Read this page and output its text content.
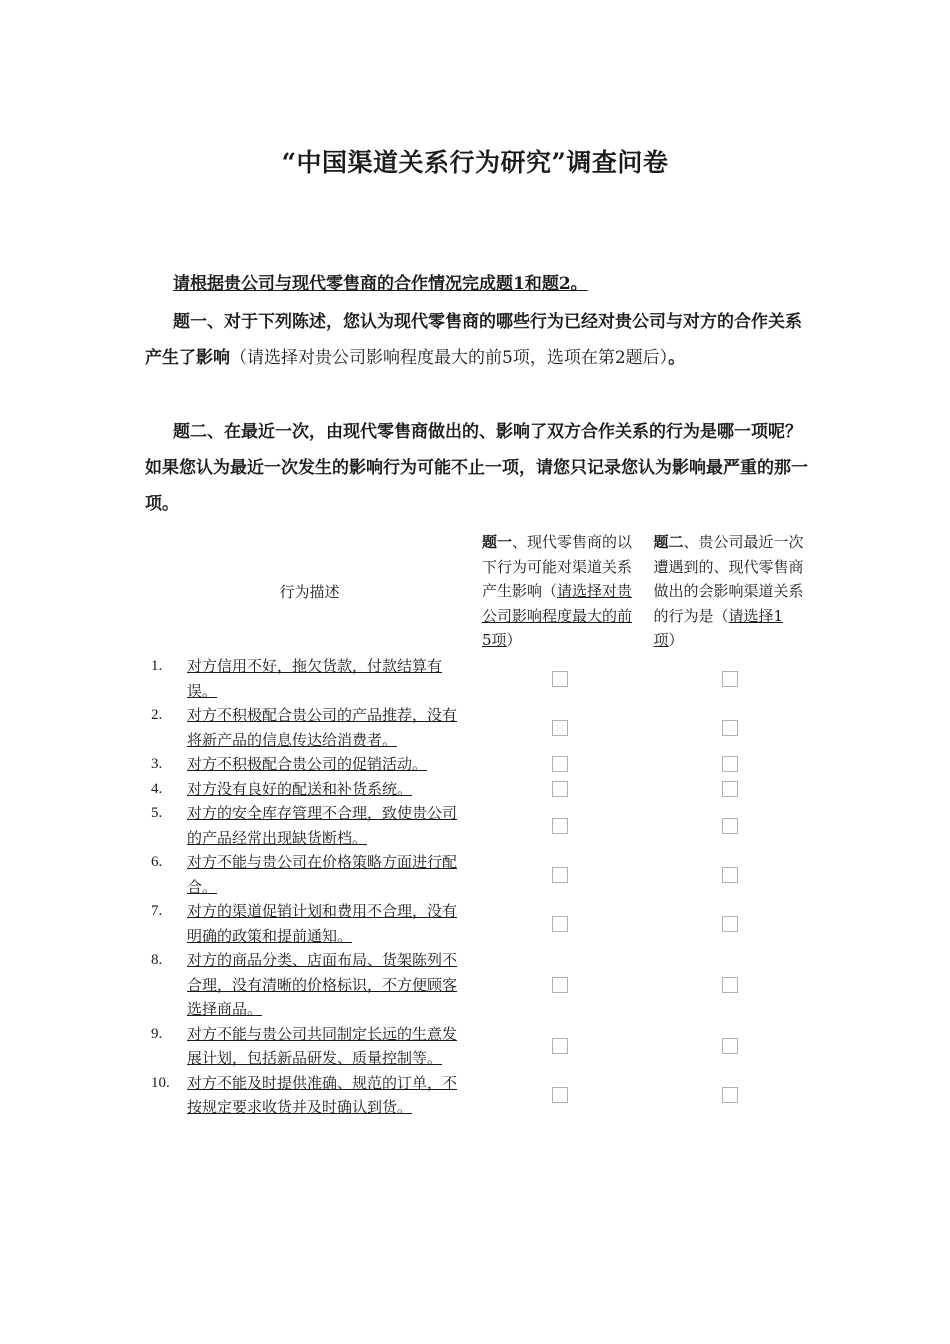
“中国渠道关系行为研究”调查问卷
请根据贵公司与现代零售商的合作情况完成题1和题2。
题一、对于下列陈述，您认为现代零售商的哪些行为已经对贵公司与对方的合作关系产生了影响（请选择对贵公司影响程度最大的前5项，选项在第2题后）。
题二、在最近一次，由现代零售商做出的、影响了双方合作关系的行为是哪一项呢？如果您认为最近一次发生的影响行为可能不止一项，请您只记录您认为影响最严重的那一项。
行为描述
题一、现代零售商的以下行为可能对渠道关系产生影响（请选择对贵公司影响程度最大的前5项）
题二、贵公司最近一次遭遇到的、现代零售商做出的会影响渠道关系的行为是（请选择1项）
1.	对方信用不好，拖欠货款，付款结算有误。
2.	对方不积极配合贵公司的产品推荐，没有将新产品的信息传达给消费者。
3.	对方不积极配合贵公司的促销活动。
4.	对方没有良好的配送和补货系统。
5.	对方的安全库存管理不合理，致使贵公司的产品经常出现缺货断档。
6.	对方不能与贵公司在价格策略方面进行配合。
7.	对方的渠道促销计划和费用不合理，没有明确的政策和提前通知。
8.	对方的商品分类、店面布局、货架陈列不合理，没有清晰的价格标识，不方便顾客选择商品。
9.	对方不能与贵公司共同制定长远的生意发展计划，包括新品研发、质量控制等。
10.	对方不能及时提供准确、规范的订单，不按规定要求收货并及时确认到货。
